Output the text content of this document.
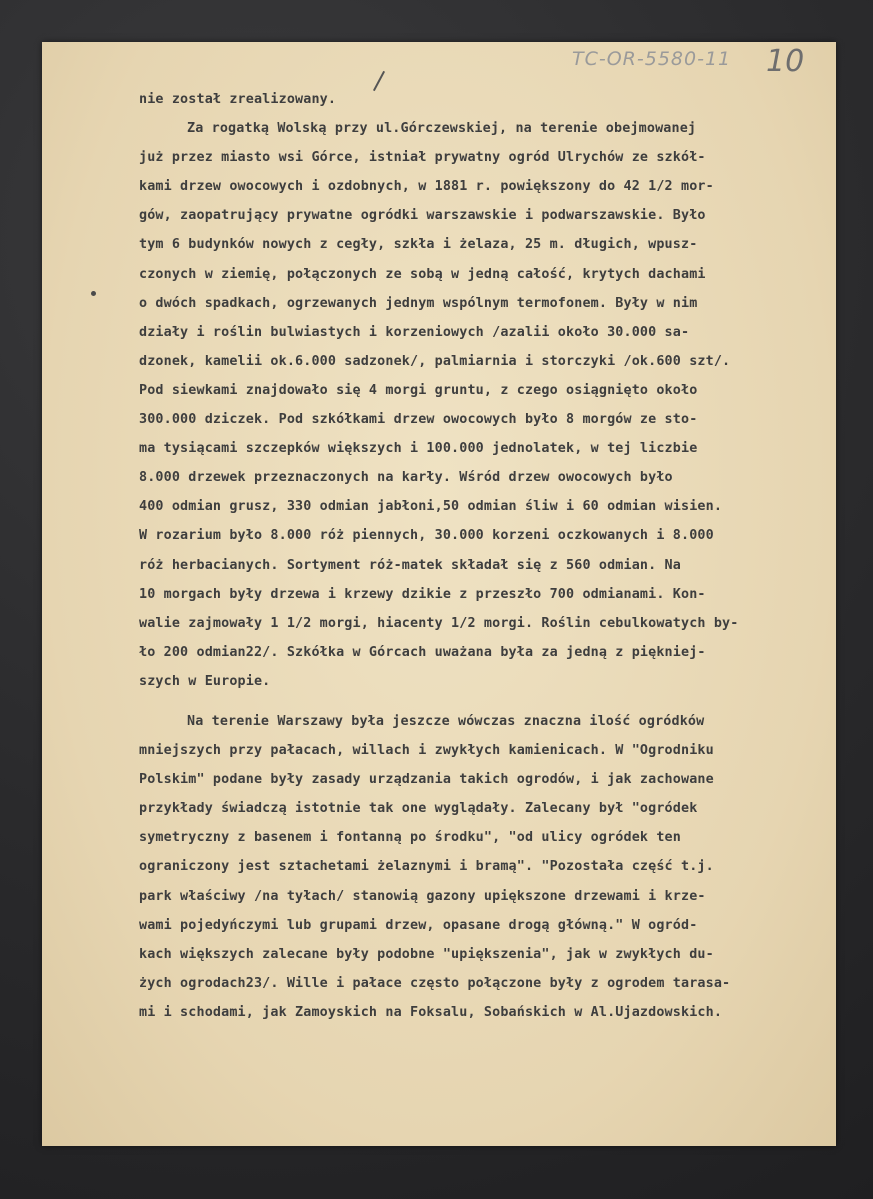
TC-OR-5580-11 10
nie został zrealizowany.
Za rogatką Wolską przy ul.Górczewskiej, na terenie obejmowanej
już przez miasto wsi Górce, istniał prywatny ogród Ulrychów ze szkół-
kami drzew owocowych i ozdobnych, w 1881 r. powiększony do 42 1/2 mor-
gów, zaopatrujący prywatne ogródki warszawskie i podwarszawskie. Było
tym 6 budynków nowych z cegły, szkła i żelaza, 25 m. długich, wpusz-
czonych w ziemię, połączonych ze sobą w jedną całość, krytych dachami
o dwóch spadkach, ogrzewanych jednym wspólnym termofonem. Były w nim
działy i roślin bulwiastych i korzeniowych /azalii około 30.000 sa-
dzonek, kamelii ok.6.000 sadzonek/, palmiarnia i storczyki /ok.600 szt/.
Pod siewkami znajdowało się 4 morgi gruntu, z czego osiągnięto około
300.000 dziczek. Pod szkółkami drzew owocowych było 8 morgów ze sto-
ma tysiącami szczepków większych i 100.000 jednolatek, w tej liczbie
8.000 drzewek przeznaczonych na karły. Wśród drzew owocowych było
400 odmian grusz, 330 odmian jabłoni,50 odmian śliw i 60 odmian wisien.
W rozarium było 8.000 róż piennych, 30.000 korzeni oczkowanych i 8.000
róż herbacianych. Sortyment róż-matek składał się z 560 odmian. Na
10 morgach były drzewa i krzewy dzikie z przeszło 700 odmianami. Kon-
walie zajmowały 1 1/2 morgi, hiacenty 1/2 morgi. Roślin cebulkowatych by-
ło 200 odmian22/. Szkółka w Górcach uważana była za jedną z piękniej-
szych w Europie.
Na terenie Warszawy była jeszcze wówczas znaczna ilość ogródków
mniejszych przy pałacach, willach i zwykłych kamienicach. W "Ogrodniku
Polskim" podane były zasady urządzania takich ogrodów, i jak zachowane
przykłady świadczą istotnie tak one wyglądały. Zalecany był "ogródek
symetryczny z basenem i fontanną po środku", "od ulicy ogródek ten
ograniczony jest sztachetami żelaznymi i bramą". "Pozostała część t.j.
park właściwy /na tyłach/ stanowią gazony upiększone drzewami i krze-
wami pojedyńczymi lub grupami drzew, opasane drogą główną." W ogród-
kach większych zalecane były podobne "upiększenia", jak w zwykłych du-
żych ogrodach23/. Wille i pałace często połączone były z ogrodem tarasa-
mi i schodami, jak Zamoyskich na Foksalu, Sobańskich w Al.Ujazdowskich.
